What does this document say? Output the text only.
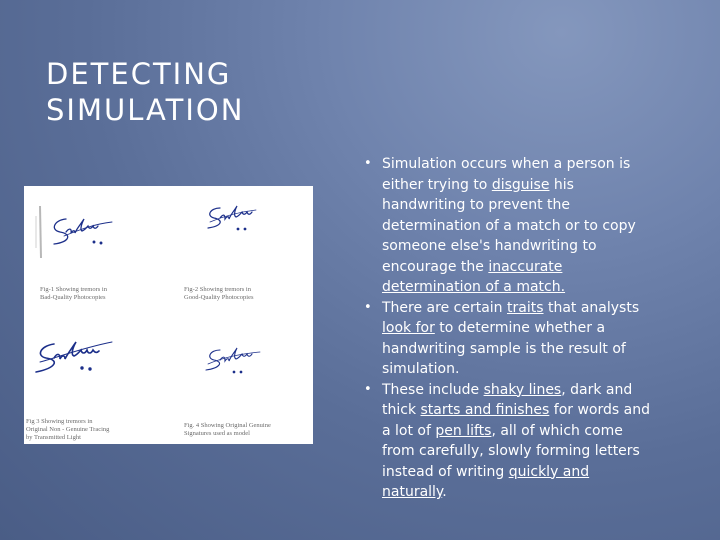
DETECTING
SIMULATION
Fig-1 Showing tremors in
Bad-Quality Photocopies
Fig-2 Showing tremors in
Good-Quality Photocopies
Fig 3 Showing tremors in
Original Non - Genuine Tracing
by Transmitted Light
Fig. 4 Showing Original Genuine
Signatures used as model
• Simulation occurs when a person is
either trying to disguise his
handwriting to prevent the
determination of a match or to copy
someone else's handwriting to
encourage the inaccurate
determination of a match.
• There are certain traits that analysts
look for to determine whether a
handwriting sample is the result of
simulation.
• These include shaky lines, dark and
thick starts and finishes for words and
a lot of pen lifts, all of which come
from carefully, slowly forming letters
instead of writing quickly and
naturally.
